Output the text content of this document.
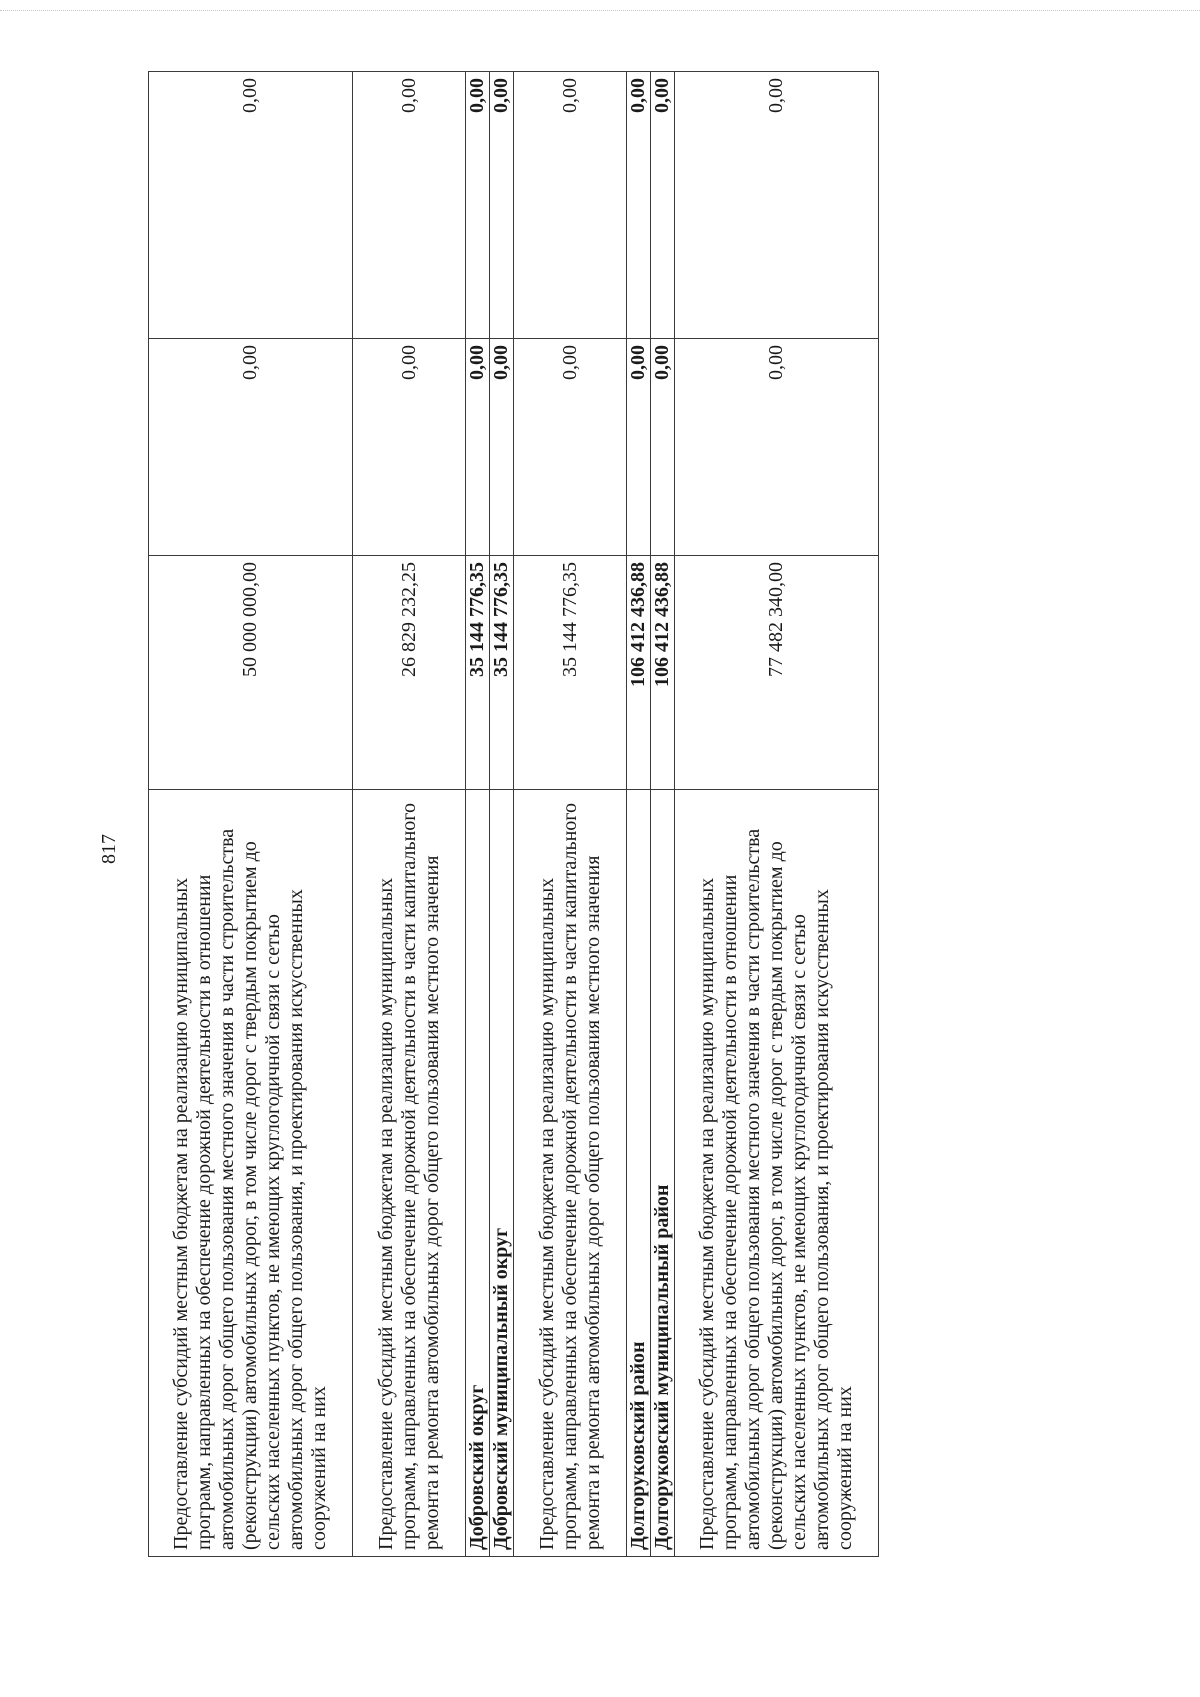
817
Предоставление субсидий местным бюджетам на реализацию муниципальных программ, направленных на обеспечение дорожной деятельности в отношении автомобильных дорог общего пользования местного значения в части строительства (реконструкции) автомобильных дорог, в том числе дорог с твердым покрытием до сельских населенных пунктов, не имеющих круглогодичной связи с сетью автомобильных дорог общего пользования, и проектирования искусственных сооружений на них	50 000 000,00	0,00	0,00
Предоставление субсидий местным бюджетам на реализацию муниципальных программ, направленных на обеспечение дорожной деятельности в части капитального ремонта и ремонта автомобильных дорог общего пользования местного значения	26 829 232,25	0,00	0,00
Добровский округ	35 144 776,35	0,00	0,00
Добровский муниципальный округ	35 144 776,35	0,00	0,00
Предоставление субсидий местным бюджетам на реализацию муниципальных программ, направленных на обеспечение дорожной деятельности в части капитального ремонта и ремонта автомобильных дорог общего пользования местного значения	35 144 776,35	0,00	0,00
Долгоруковский район	106 412 436,88	0,00	0,00
Долгоруковский муниципальный район	106 412 436,88	0,00	0,00
Предоставление субсидий местным бюджетам на реализацию муниципальных программ, направленных на обеспечение дорожной деятельности в отношении автомобильных дорог общего пользования местного значения в части строительства (реконструкции) автомобильных дорог, в том числе дорог с твердым покрытием до сельских населенных пунктов, не имеющих круглогодичной связи с сетью автомобильных дорог общего пользования, и проектирования искусственных сооружений на них	77 482 340,00	0,00	0,00
